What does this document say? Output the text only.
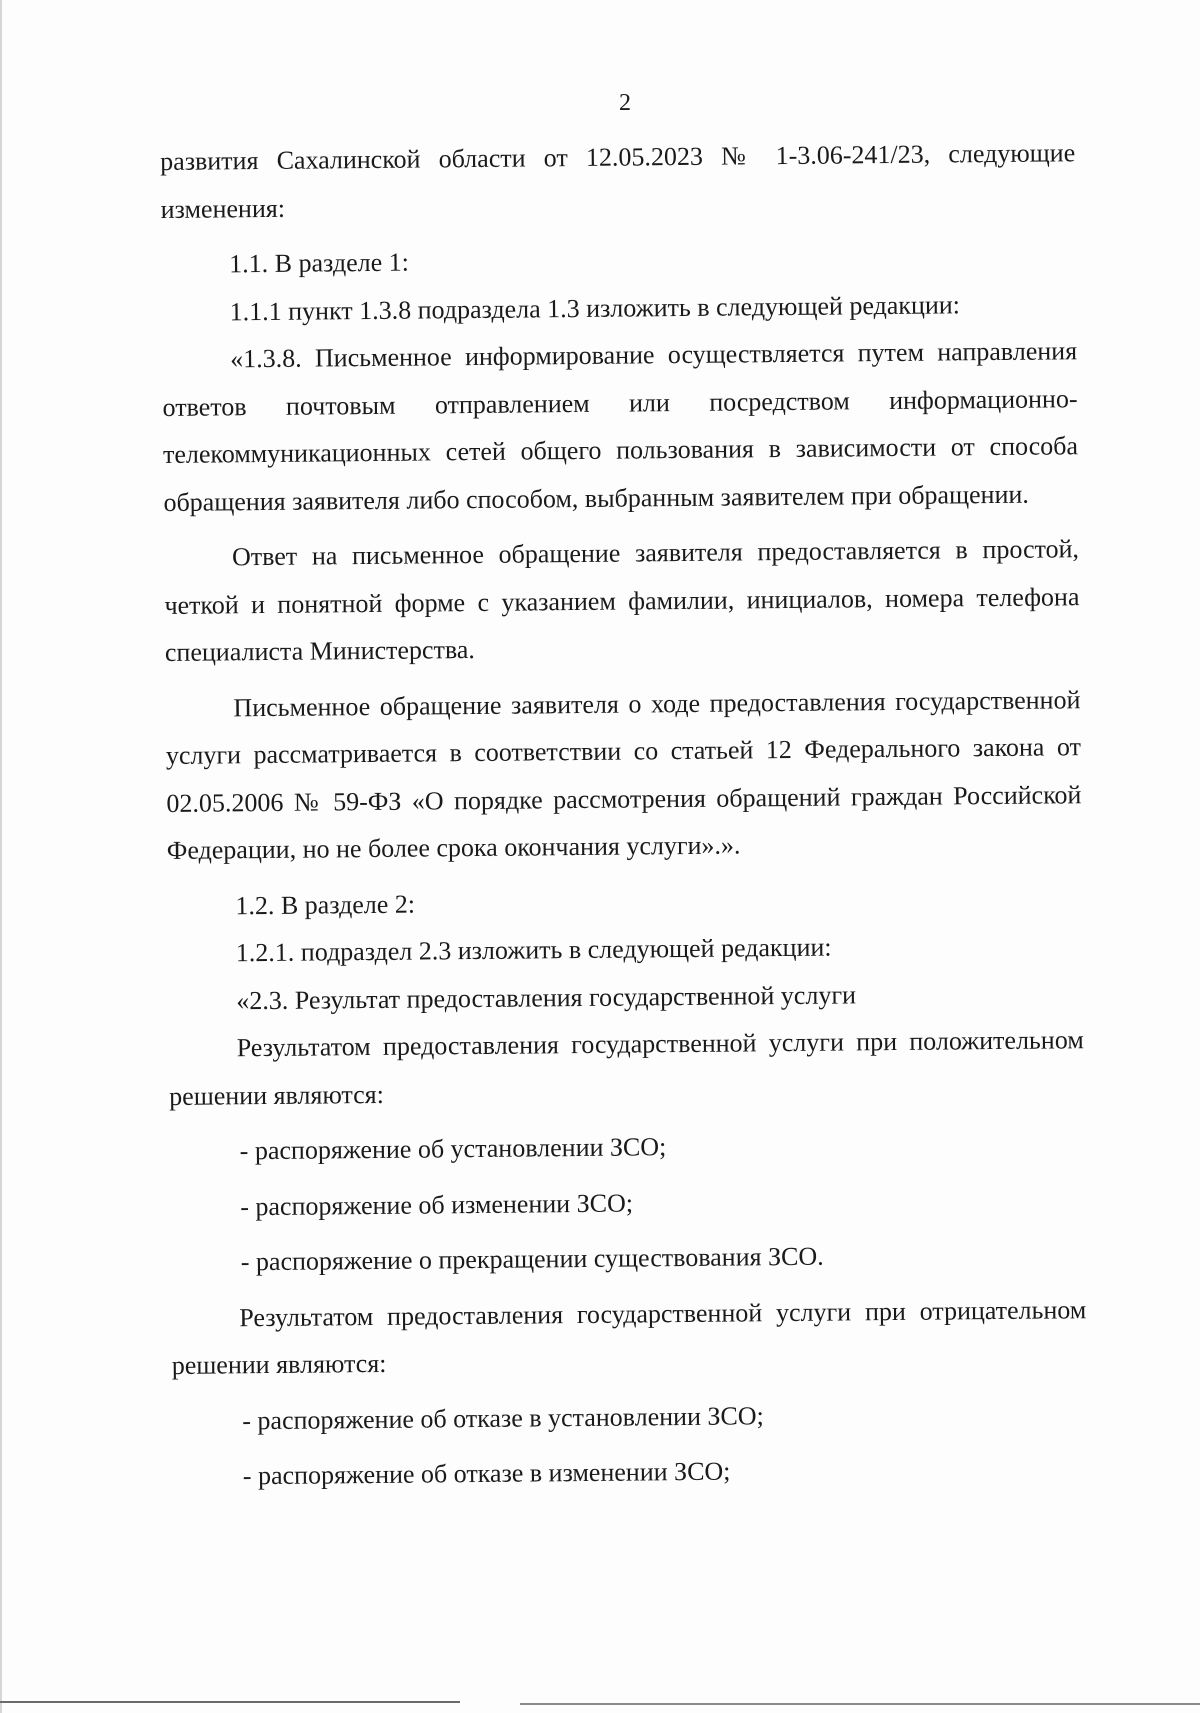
2

развития Сахалинской области от 12.05.2023 № 1-3.06-241/23, следующие изменения:

1.1. В разделе 1:

1.1.1 пункт 1.3.8 подраздела 1.3 изложить в следующей редакции:

«1.3.8. Письменное информирование осуществляется путем направления ответов почтовым отправлением или посредством информационно-телекоммуникационных сетей общего пользования в зависимости от способа обращения заявителя либо способом, выбранным заявителем при обращении.

Ответ на письменное обращение заявителя предоставляется в простой, четкой и понятной форме с указанием фамилии, инициалов, номера телефона специалиста Министерства.

Письменное обращение заявителя о ходе предоставления государственной услуги рассматривается в соответствии со статьей 12 Федерального закона от 02.05.2006 № 59-ФЗ «О порядке рассмотрения обращений граждан Российской Федерации, но не более срока окончания услуги».».

1.2. В разделе 2:

1.2.1. подраздел 2.3 изложить в следующей редакции:

«2.3. Результат предоставления государственной услуги

Результатом предоставления государственной услуги при положительном решении являются:

- распоряжение об установлении ЗСО;

- распоряжение об изменении ЗСО;

- распоряжение о прекращении существования ЗСО.

Результатом предоставления государственной услуги при отрицательном решении являются:

- распоряжение об отказе в установлении ЗСО;

- распоряжение об отказе в изменении ЗСО;
